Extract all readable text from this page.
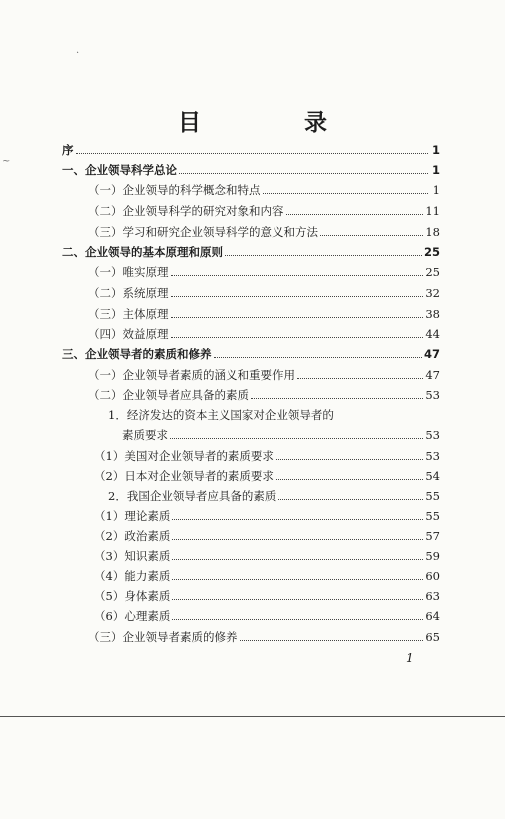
目　录
序	1
一、企业领导科学总论	1
（一）企业领导的科学概念和特点	1
（二）企业领导科学的研究对象和内容	11
（三）学习和研究企业领导科学的意义和方法	18
二、企业领导的基本原理和原则	25
（一）唯实原理	25
（二）系统原理	32
（三）主体原理	38
（四）效益原理	44
三、企业领导者的素质和修养	47
（一）企业领导者素质的涵义和重要作用	47
（二）企业领导者应具备的素质	53
1．经济发达的资本主义国家对企业领导者的
素质要求	53
（1）美国对企业领导者的素质要求	53
（2）日本对企业领导者的素质要求	54
2．我国企业领导者应具备的素质	55
（1）理论素质	55
（2）政治素质	57
（3）知识素质	59
（4）能力素质	60
（5）身体素质	63
（6）心理素质	64
（三）企业领导者素质的修养	65
1
·
~
